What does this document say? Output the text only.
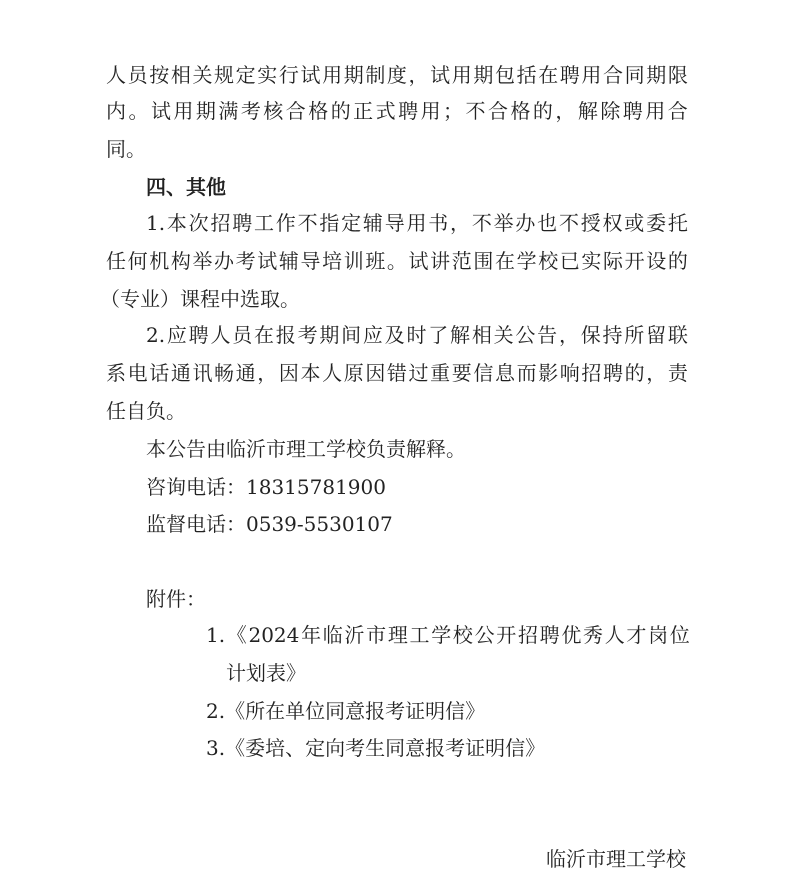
人 员 按 相 关 规 定 实 行 试 用 期 制 度 ， 试 用 期 包 括 在 聘 用 合 同 期 限
内 。 试 用 期 满 考 核 合 格 的 正 式 聘 用 ； 不 合 格 的 ， 解 除 聘 用 合
同。
四、其他
1. 本 次 招 聘 工 作 不 指 定 辅 导 用 书 ， 不 举 办 也 不 授 权 或 委 托
任 何 机 构 举 办 考 试 辅 导 培 训 班 。 试 讲 范 围 在 学 校 已 实 际 开 设 的
（专业）课程中选取。
2. 应 聘 人 员 在 报 考 期 间 应 及 时 了 解 相 关 公 告 ， 保 持 所 留 联
系 电 话 通 讯 畅 通 ， 因 本 人 原 因 错 过 重 要 信 息 而 影 响 招 聘 的 ， 责
任自负。
本公告由临沂市理工学校负责解释。
咨询电话：18315781900
监督电话：0539-5530107
附件：
1. 《 2024 年 临 沂 市 理 工 学 校 公 开 招 聘 优 秀 人 才 岗 位
计划表》
2.《所在单位同意报考证明信》
3.《委培、定向考生同意报考证明信》
临沂市理工学校
